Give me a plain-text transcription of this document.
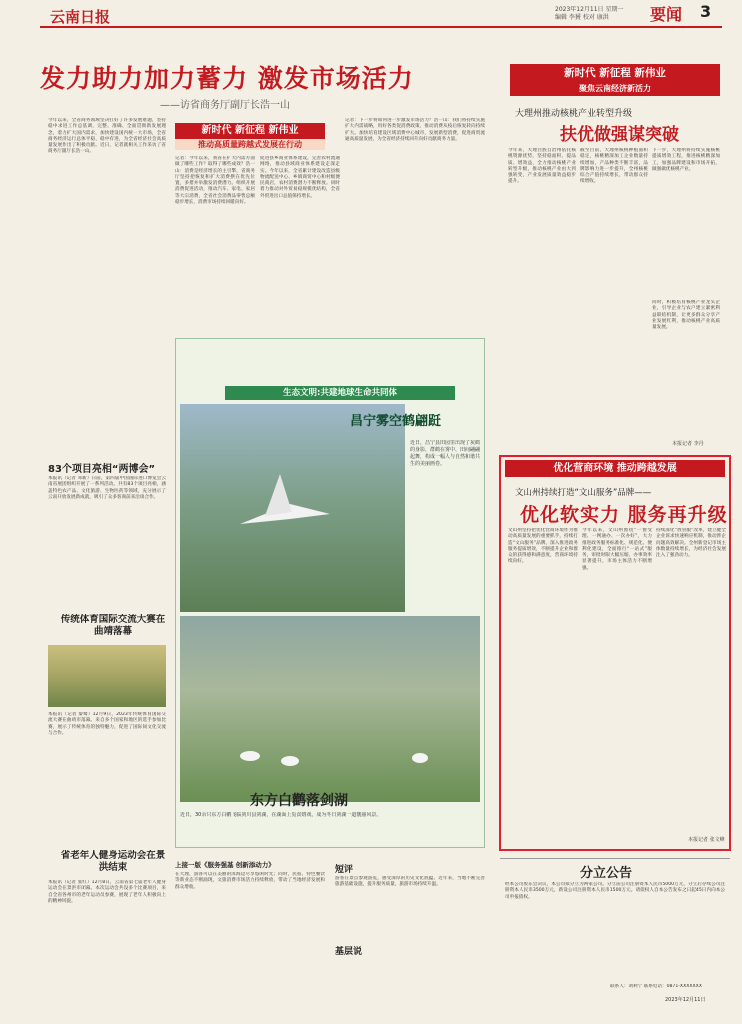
云南日报	2023年12月11日 星期一
编辑 李贇 校对 康洪	要闻 3
发力助力加力蓄力 激发市场活力
——访省商务厅副厅长浩一山
新时代 新征程 新伟业
推动高质量跨越式发展在行动
今年以来，全省商务领域坚决扛好了许多发展难题，坚持稳中求进工作总基调，完整、准确、全面贯彻新发展理念，着力扩大国内需求，加快建设国内统一大市场，全省商务经济运行总体平稳、稳中有进，为全省经济社会高质量发展作出了积极贡献。近日，记者就相关工作采访了省商务厅副厅长浩一山。
记者：今年以来，我省在扩大内需方面做了哪些工作？取得了哪些成效？浩一山：消费是经济增长的主引擎，省商务厅坚持把恢复和扩大消费摆在优先位置，多措并举激发消费潜力。组织开展消费促进活动，推动汽车、家电、家居等大宗消费，全省社会消费品零售总额稳步增长，消费市场持续回暖向好。
促进县乡商业体系建设，完善农村流通网络，推动县域商业体系建设走深走实。今年以来，全省累计建设改造县级物流配送中心、乡镇商贸中心和村级便民商店，农村消费潜力不断释放。同时着力推动对外贸易稳规模优结构，全省外贸进出口总值保持增长。
记者：下一步将如何进一步激发市场活力？浩一山：我们将持续实施扩大内需战略，用好各类促消费政策，推动消费从疫后恢复转向持续扩大。加快培育建设区域消费中心城市，发展新型消费，促进商贸流通高质量发展，为全省经济持续回升向好贡献商务力量。
83个项目亮相“两博会”
本报讯（记者 邓新）日前，第四届中国国际进口博览会云南省展团组织开展了一系列活动。共有83个项目亮相，涵盖特色农产品、文化旅游、生物医药等领域，充分展示了云南开放发展新成就，吸引了众多客商前来洽谈合作。
传统体育国际交流大赛在曲靖落幕
本报讯（记者 秦鹭）12月9日，2023年传统体育国际交流大赛在曲靖市落幕。来自多个国家和地区的选手参加比赛，展示了传统体育的独特魅力，促进了国际间文化交流与合作。
省老年人健身运动会在景洪结束
本报讯（记者 张红）12月8日，云南省第七届老年人健身运动会在景洪市闭幕。本次运动会共设多个比赛项目，来自全省各州市的老年运动员参赛，展现了老年人积极向上的精神风貌。
生态文明:共建地球生命共同体
昌宁雾空鹤翩跹
近日，昌宁县田园里出现了灰鹤的身影，群鹤在雾中、田间翩翩起舞，构成一幅人与自然和谐共生的美丽画卷。
东方白鹳落剑湖
近日，30余只东方白鹳飞临剑川县剑湖，在湖面上觅食嬉戏，成为冬日剑湖一道靓丽风景。
上接一版《服务强基 创新添动力》
在大理，游客可以在美丽的洱海边尽享悠闲时光；同时，民宿、特色餐饮等新业态不断涌现，文旅消费市场活力持续释放，带动了当地经济发展和群众增收。
短评
游客在景点参观游览，感受深厚的历史文化底蕴。近年来，当地不断完善旅游基础设施，提升服务质量，旅游市场持续升温。
基层说
新时代 新征程 新伟业
聚焦云南经济新活力
大理州推动核桃产业转型升级
扶优做强谋突破
今年来，大理白族自治州依托核桃资源优势，坚持稳面积、提品质、增效益，全力推动核桃产业转型升级，推动核桃产业由大到强转变，产业发展质量效益稳步提升。
截至目前，大理州核桃种植面积稳定，核桃精深加工企业数量持续增加，产品种类不断丰富，品牌影响力进一步提升，全州核桃综合产值持续增长，带动群众持续增收。
下一步，大理州将持续实施核桃提质增效工程，推进核桃精深加工，加强品牌建设和市场开拓，做强做优核桃产业。
同时，积极培育核桃产业龙头企业，引导企业与农户建立紧密利益联结机制，让更多群众分享产业发展红利，推动核桃产业高质量发展。
本报记者 李丹
优化营商环境 推动跨越发展
文山州持续打造“文山服务”品牌——
优化软实力 服务再升级
文山州坚持把优化营商环境作为推动高质量发展的重要抓手，持续打造“文山服务”品牌，深入推进政务服务提质增效，不断提升企业和群众的获得感和满意度，营商环境持续向好。
今年以来，文山州围绕“一窗受理、一网通办、一次办好”，大力推进政务服务标准化、规范化、便利化建设，全面推行“一站式”服务，审批时限大幅压缩，办事效率显著提升，市场主体活力不断增强。
持续深化“放管服”改革，建立健全企业诉求快速响应机制，推动涉企问题高效解决。全州新登记市场主体数量持续增长，为经济社会发展注入了强劲动力。
本报记者 张文峰
分立公告
经本公司股东会决议，本公司拟分立为两家公司。分立前公司注册资本人民币5000万元，分立后存续公司注册资本人民币3500万元，新设公司注册资本人民币1500万元。请债权人自本公告发布之日起45日内向本公司申报债权。
联系人：刘利宁 联系电话：0871-XXXXXXX
2023年12月11日
